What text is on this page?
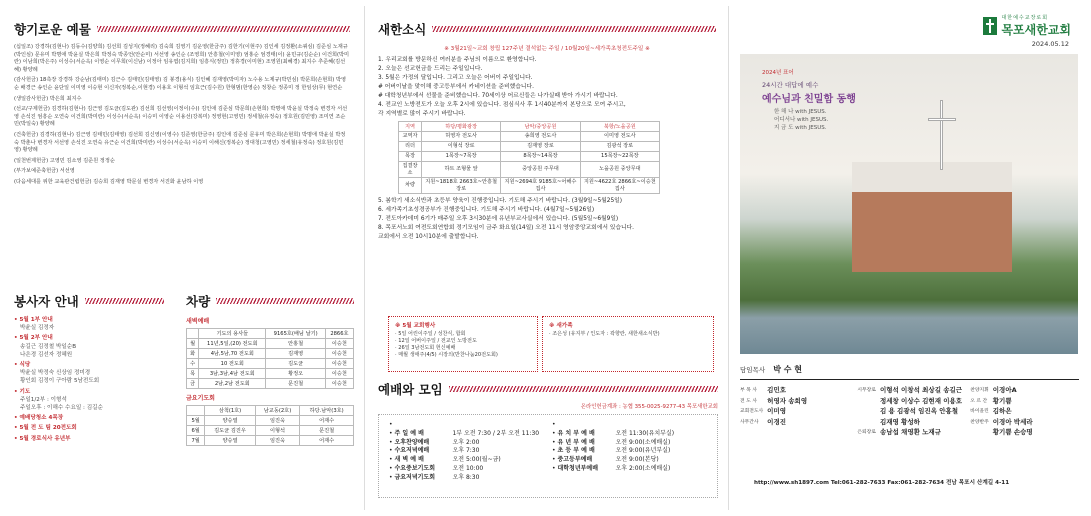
향기로운 예물

(십일조) 강경하(김현나) 김동수(김양희) 김선희 김성지(정혜리) 김숙희 김영기 김운영(한금주) 김한기(이현주) 김인세 김정환(소쿼심) 김준심 노재규(박인심) 문유미 박명애 박윤실 박은희 박정숙 박종언(안순미) 서선영 송인순 (조영희) 안흥철(이미영) 엄홍순 엄경태(이) 윤민규(김순순) 이건희(박미란) 이남희(박은주) 이성수(서순옥) 이영순 이무희(이신남) 이정아 임유엽(김지희) 임흥식(정민) 정휴경(이미현) 조영원(최혜경) 최지수 추준혜(김선혜) 황양례

(감사헌금) 18측장 강경하 강순남(김태미) 김근수 김태민(김태영) 김 봉경(용식) 김인혜 김재영(박미자) 노수용 노제규(박민심) 박문희(손현희) 박영순 배경근 송인순 윤단일 이미영 이승현 이신자(정복순,이현경) 이용호 이형석 임효근(김수원) 한형범(한영순) 정창순 정종미 정 한임상(무) 현연순

(생일감사헌금) 박은희 최지수

(선교/구제헌금) 김경하(김현나) 김근영 김도균(김도관) 김선희 김선영(이정이(수)) 김인애 김준심 박문희(손현희) 박명애 박윤실 박정숙 변경자 서선영 손석진 엄흥순 오연숙 이건희(박미란) 이성수(서순옥) 이승미 이영순 이용선(강복미) 정영현(고영민) 정세철(유정숙) 정호원(김민영) 조미연 조순민(박일숙) 황양례

(건축헌금) 김경하(김현나) 김근영 김태민(김태영) 김선희 김신영(이영수) 김준영(한금주) 김인애 김준심 문유미 박은희(손현희) 박명애 박윤실 박정숙 박춘나 변경자 서선영 손석진 오연숙 유근순 이건희(박미란) 이성수(서순옥) 이승미 이해신(정복순) 정대청(고영민) 정세철(유정숙) 정호원(김민영) 황양례

(일천번제헌금) 고영민 김소영 김준원 정정순

(부가보예준축헌금) 서선영

(다음세대를 위한 교육관건립헌금) 김승희 김재영 박문실 변경자 서진화 윤남하 이영

봉사자 안내
• 5월 1부 안내
박윤실 김정자
• 5월 2부 안내
송길근 김정철 박일순B
나은경 김선자 정혜원
• 식당
박윤실 박정숙 신상임 정미경
황인회 김정이 구아람 5남전도회
• 기도
주일1/2부 : 이형석
주일오후 : 이해수 수요일 : 김길순
• 예배당청소 4목장
• 5월 전 도 팀 20전도회
• 5월 경로식사 유년부
차량
새벽예배
	기도의 용사들	9165호(배님 날기)	2866호
월	11년,5일,(20) 전도회	안홍철	이승천
화	4남,5남,70 전도회	김재영	이승천
수	10 전도회	김도균	이승천
목	3남,3남,4남 전도회	황정오	이승천
금	2남,2남 전도회	문진철	이승천
금요기도회
	삼척(1호)	남교동(2호)	하당.남악(3호)
5월	양승열	임진욱	어재수
6월	김도균 김진우	이형석	문진철
7월	양승열	임진욱	어재수
새한소식
※ 3월21일~교회 창립 127주년 결석없는 주일 / 10월20일~세가족초청전도주일 ※
1. 우리교회를 방문하신 여러분을 주님의 이름으로 환영합니다.
2. 오늘은 선교헌금을 드리는 주일입니다.
3. 5월은 가정의 달입니다. 그리고 오늘은 어버이 주일입니다.
# 어버이날을 맞이해 중고등부에서 카네이션을 준비했습니다.
# 대학청년부에서 선물을 준비했습니다. 70세이상 어르신들은 나가실때 받아 가시기 바랍니다.
4. 전교인 노방전도가 오늘 오후 2시에 있습니다. 점심식사 후 1시40분까지 본당으로 모여 주시고,
각 지역별로 많이 주시기 바랍니다.
지역	하당/평화광장	남악/중앙공원	북항/노을공원
교역자	허영자 전도사	송희영 전도사	이미영 전도사
리더	이형석 장로	김재영 장로	김광석 장로
목장	1목장~7목장	8목장~14목장	15목장~22목장
집결장소	하트 조형물 앞	중앙공원 주무대	노을공원 중앙무대
차량	지원~1818호 2663호~안흥철 장로	지원~2694호 9185호~어해수 집사	지원~4622호 2866호~이승천 집사
5. 봄학기 새소식반과 초등부 양육이 진행중입니다. 기도해 주시기 바랍니다. (3월9일~5월25일)
6. 세가족기초성경공부가 진행중입니다. 기도해 주시기 바랍니다. (4월7일~5월26일)
7. 전도아카데미 6기가 매주일 오후 3시30분에 유년부교사실에서 있습니다. (5월5일~6월9일)
8. 목포서노회 여전도회연합회 정기모임이 금주 화요일(14일) 오전 11시 영암중앙교회에서 있습니다.
교회에서 오전 10시10분에 출발합니다.
※ 5월 교회행사
· 5일 어린이주일 / 성찬식, 합회
· 12일 어버이주일 / 전교인 노방전도
· 26일 3남전도회 헌신예배
· 매월 생애주(4/5) 시장의(반찬나눔20전도회)
※ 새가족
· 조은성 (유지부 / 인도자 : 곽향란, 새한새소식반)
예배와 모임
온라인헌금계좌 : 농협 355-0025-9277-43 목포새한교회
• • 주 일 예 배	1부 오전 7:30 / 2부 오전 11:30
• 오후찬양예배	오후 2:00
• 수요저녁예배	오후 7:30
• 새 벽 예 배	오전 5:00(월~금)
• 수요중보기도회	오전 10:00
• 금요저녁기도회	오후 8:30
• • 유 치 부 예 배	오전 11:30(유치부실)
• 유 년 부 예 배	오전 9:00(소예배실)
• 초 등 부 예 배	오전 9:00(유년부실)
• 중고등부예배	오전 9:00(본당)
• 대학청년부예배	오후 2:00(소예배실)
대한예수교장로회
목포새한교회
2024.05.12
2024년 표어
24시간 대답에 예수
예수님과 친밀함 동행
한 해 나 with JESUS.
어디서나 with JESUS.
지 금 도 with JESUS.
담임목사 박 수 현
부 목 사	김민호	시무장로 이형석 이창석 최상길 송길근	찬양지휘 이경아A
전 도 사	허영자 송희영	정세창 이상수 김현재 이용호	오 르 간 황기쁨
교회전도사 이미영	김 용 김광석 임진옥 안홍철	바이올린 김하은
사무간사	이경진	김재영 황성하	찬양반주 이경아 박세라
은퇴장로 송남섭 채영환 노재규	황기쁨 손승명
http://www.sh1897.com Tel:061-282-7633 Fax:061-282-7634 전남 목포시 산계길 4-11
